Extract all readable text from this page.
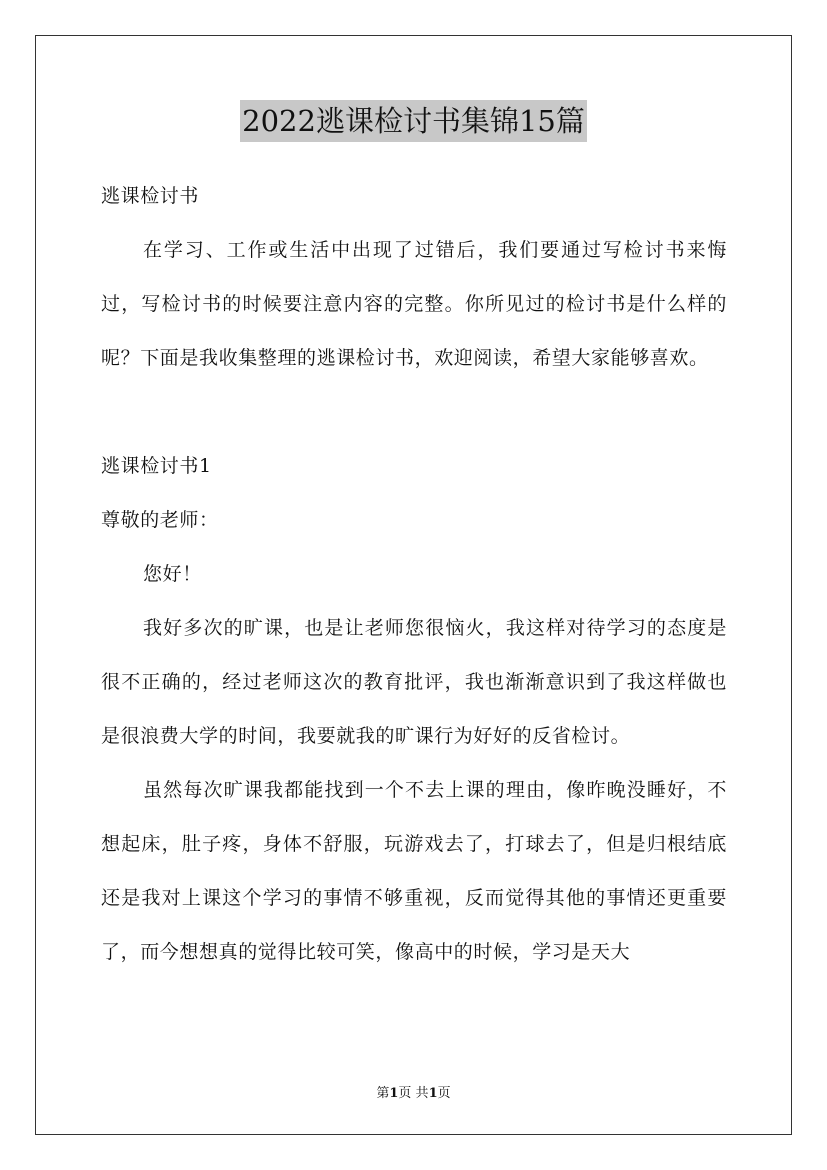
2022逃课检讨书集锦15篇

逃课检讨书

在学习、工作或生活中出现了过错后，我们要通过写检讨书来悔过，写检讨书的时候要注意内容的完整。你所见过的检讨书是什么样的呢？下面是我收集整理的逃课检讨书，欢迎阅读，希望大家能够喜欢。

逃课检讨书1

尊敬的老师：

您好！

我好多次的旷课，也是让老师您很恼火，我这样对待学习的态度是很不正确的，经过老师这次的教育批评，我也渐渐意识到了我这样做也是很浪费大学的时间，我要就我的旷课行为好好的反省检讨。

虽然每次旷课我都能找到一个不去上课的理由，像昨晚没睡好，不想起床，肚子疼，身体不舒服，玩游戏去了，打球去了，但是归根结底还是我对上课这个学习的事情不够重视，反而觉得其他的事情还更重要了，而今想想真的觉得比较可笑，像高中的时候，学习是天大

第1页 共1页
